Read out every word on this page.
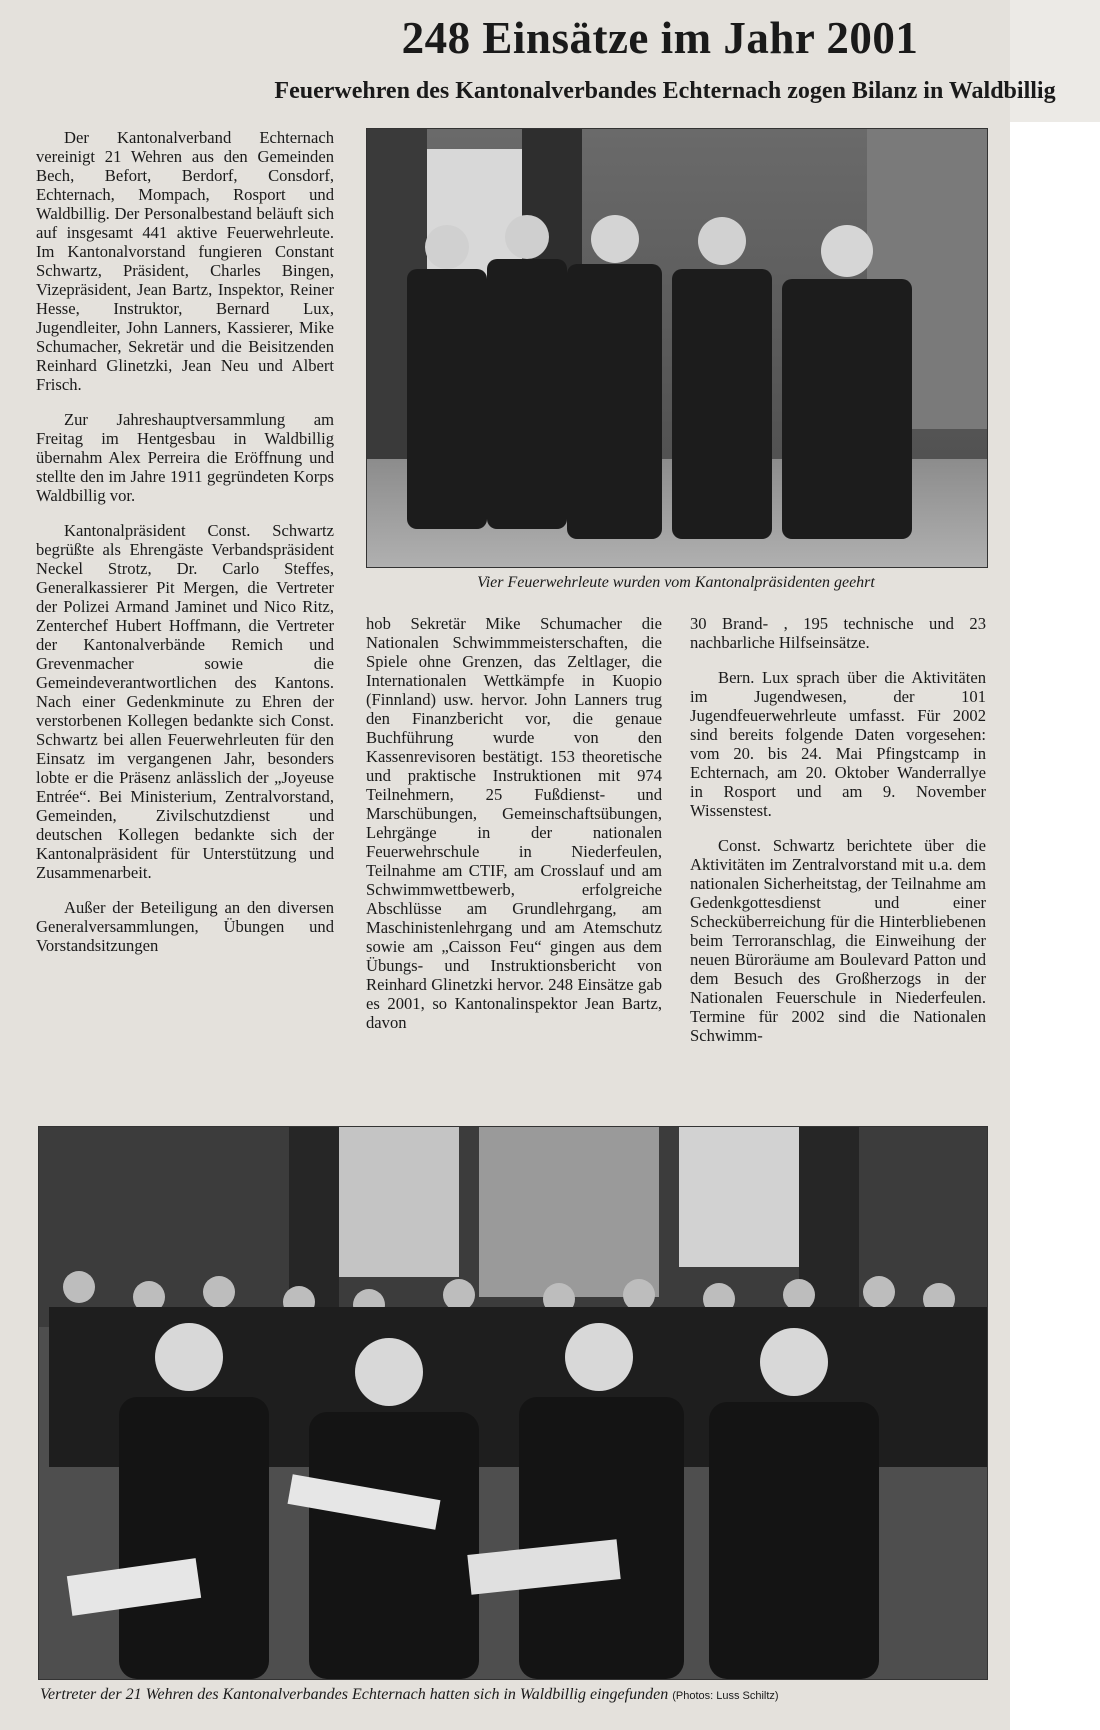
248 Einsätze im Jahr 2001
Feuerwehren des Kantonalverbandes Echternach zogen Bilanz in Waldbillig

Der Kantonalverband Echternach vereinigt 21 Wehren aus den Gemeinden Bech, Befort, Berdorf, Consdorf, Echternach, Mompach, Rosport und Waldbillig. Der Personalbestand beläuft sich auf insgesamt 441 aktive Feuerwehrleute. Im Kantonalvorstand fungieren Constant Schwartz, Präsident, Charles Bingen, Vizepräsident, Jean Bartz, Inspektor, Reiner Hesse, Instruktor, Bernard Lux, Jugendleiter, John Lanners, Kassierer, Mike Schumacher, Sekretär und die Beisitzenden Reinhard Glinetzki, Jean Neu und Albert Frisch.

Zur Jahreshauptversammlung am Freitag im Hentgesbau in Waldbillig übernahm Alex Perreira die Eröffnung und stellte den im Jahre 1911 gegründeten Korps Waldbillig vor.

Kantonalpräsident Const. Schwartz begrüßte als Ehrengäste Verbandspräsident Neckel Strotz, Dr. Carlo Steffes, Generalkassierer Pit Mergen, die Vertreter der Polizei Armand Jaminet und Nico Ritz, Zenterchef Hubert Hoffmann, die Vertreter der Kantonalverbände Remich und Grevenmacher sowie die Gemeindeverantwortlichen des Kantons. Nach einer Gedenkminute zu Ehren der verstorbenen Kollegen bedankte sich Const. Schwartz bei allen Feuerwehrleuten für den Einsatz im vergangenen Jahr, besonders lobte er die Präsenz anlässlich der „Joyeuse Entrée“. Bei Ministerium, Zentralvorstand, Gemeinden, Zivilschutzdienst und deutschen Kollegen bedankte sich der Kantonalpräsident für Unterstützung und Zusammenarbeit.

Außer der Beteiligung an den diversen Generalversammlungen, Übungen und Vorstandsitzungen

Vier Feuerwehrleute wurden vom Kantonalpräsidenten geehrt

hob Sekretär Mike Schumacher die Nationalen Schwimmmeisterschaften, die Spiele ohne Grenzen, das Zeltlager, die Internationalen Wettkämpfe in Kuopio (Finnland) usw. hervor. John Lanners trug den Finanzbericht vor, die genaue Buchführung wurde von den Kassenrevisoren bestätigt. 153 theoretische und praktische Instruktionen mit 974 Teilnehmern, 25 Fußdienst- und Marschübungen, Gemeinschaftsübungen, Lehrgänge in der nationalen Feuerwehrschule in Niederfeulen, Teilnahme am CTIF, am Crosslauf und am Schwimmwettbewerb, erfolgreiche Abschlüsse am Grundlehrgang, am Maschinistenlehrgang und am Atemschutz sowie am „Caisson Feu“ gingen aus dem Übungs- und Instruktionsbericht von Reinhard Glinetzki hervor. 248 Einsätze gab es 2001, so Kantonalinspektor Jean Bartz, davon

30 Brand- , 195 technische und 23 nachbarliche Hilfseinsätze.

Bern. Lux sprach über die Aktivitäten im Jugendwesen, der 101 Jugendfeuerwehrleute umfasst. Für 2002 sind bereits folgende Daten vorgesehen: vom 20. bis 24. Mai Pfingstcamp in Echternach, am 20. Oktober Wanderrallye in Rosport und am 9. November Wissenstest.

Const. Schwartz berichtete über die Aktivitäten im Zentralvorstand mit u.a. dem nationalen Sicherheitstag, der Teilnahme am Gedenkgottesdienst und einer Schecküberreichung für die Hinterbliebenen beim Terroranschlag, die Einweihung der neuen Büroräume am Boulevard Patton und dem Besuch des Großherzogs in der Nationalen Feuerschule in Niederfeulen. Termine für 2002 sind die Nationalen Schwimm-

Vertreter der 21 Wehren des Kantonalverbandes Echternach hatten sich in Waldbillig eingefunden (Photos: Luss Schiltz)
